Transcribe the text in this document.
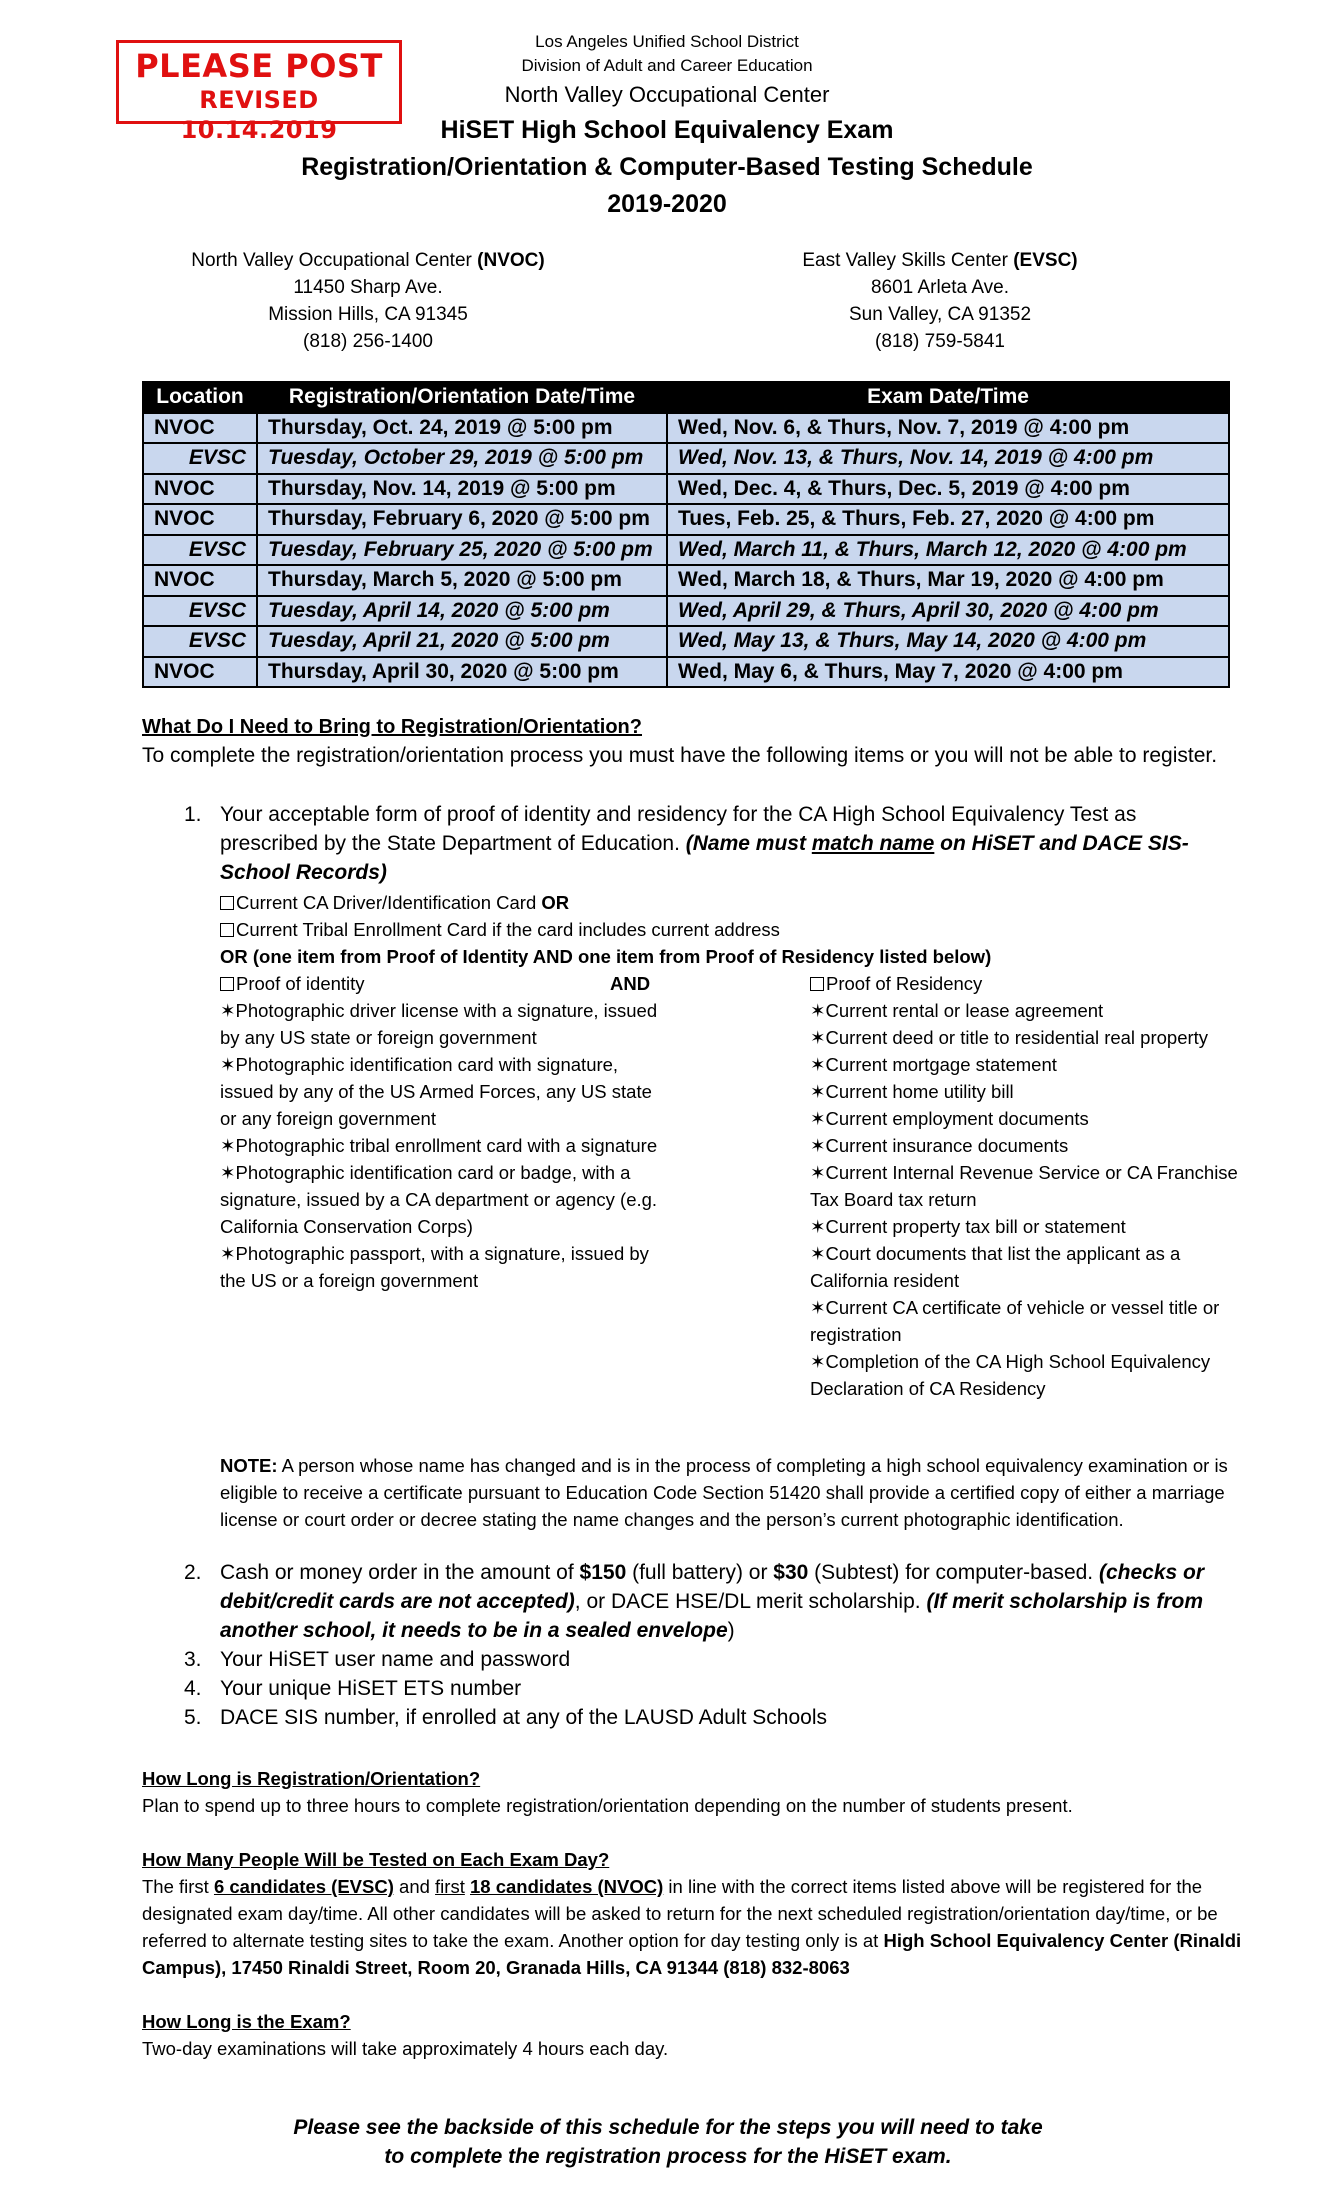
PLEASE POST
REVISED 10.14.2019
Los Angeles Unified School District
Division of Adult and Career Education
North Valley Occupational Center
HiSET High School Equivalency Exam
Registration/Orientation & Computer-Based Testing Schedule
2019-2020
North Valley Occupational Center (NVOC)
11450 Sharp Ave.
Mission Hills, CA 91345
(818) 256-1400
East Valley Skills Center (EVSC)
8601 Arleta Ave.
Sun Valley, CA 91352
(818) 759-5841
Location	Registration/Orientation Date/Time	Exam Date/Time
NVOC	Thursday, Oct. 24, 2019 @ 5:00 pm	Wed, Nov. 6, & Thurs, Nov. 7, 2019 @ 4:00 pm
EVSC	Tuesday, October 29, 2019 @ 5:00 pm	Wed, Nov. 13, & Thurs, Nov. 14, 2019 @ 4:00 pm
NVOC	Thursday, Nov. 14, 2019 @ 5:00 pm	Wed, Dec. 4, & Thurs, Dec. 5, 2019 @ 4:00 pm
NVOC	Thursday, February 6, 2020 @ 5:00 pm	Tues, Feb. 25, & Thurs, Feb. 27, 2020 @ 4:00 pm
EVSC	Tuesday, February 25, 2020 @ 5:00 pm	Wed, March 11, & Thurs, March 12, 2020 @ 4:00 pm
NVOC	Thursday, March 5, 2020 @ 5:00 pm	Wed, March 18, & Thurs, Mar 19, 2020 @ 4:00 pm
EVSC	Tuesday, April 14, 2020 @ 5:00 pm	Wed, April 29, & Thurs, April 30, 2020 @ 4:00 pm
EVSC	Tuesday, April 21, 2020 @ 5:00 pm	Wed, May 13, & Thurs, May 14, 2020 @ 4:00 pm
NVOC	Thursday, April 30, 2020 @ 5:00 pm	Wed, May 6, & Thurs, May 7, 2020 @ 4:00 pm
What Do I Need to Bring to Registration/Orientation?
To complete the registration/orientation process you must have the following items or you will not be able to register.
1. Your acceptable form of proof of identity and residency for the CA High School Equivalency Test as prescribed by the State Department of Education. (Name must match name on HiSET and DACE SIS-School Records)
Current CA Driver/Identification Card OR
Current Tribal Enrollment Card if the card includes current address
OR (one item from Proof of Identity AND one item from Proof of Residency listed below)
Proof of identity	AND	Proof of Residency
✶Photographic driver license with a signature, issued by any US state or foreign government
✶Photographic identification card with signature, issued by any of the US Armed Forces, any US state or any foreign government
✶Photographic tribal enrollment card with a signature
✶Photographic identification card or badge, with a signature, issued by a CA department or agency (e.g. California Conservation Corps)
✶Photographic passport, with a signature, issued by the US or a foreign government
✶Current rental or lease agreement
✶Current deed or title to residential real property
✶Current mortgage statement
✶Current home utility bill
✶Current employment documents
✶Current insurance documents
✶Current Internal Revenue Service or CA Franchise Tax Board tax return
✶Current property tax bill or statement
✶Court documents that list the applicant as a California resident
✶Current CA certificate of vehicle or vessel title or registration
✶Completion of the CA High School Equivalency Declaration of CA Residency
NOTE: A person whose name has changed and is in the process of completing a high school equivalency examination or is eligible to receive a certificate pursuant to Education Code Section 51420 shall provide a certified copy of either a marriage license or court order or decree stating the name changes and the person’s current photographic identification.
2. Cash or money order in the amount of $150 (full battery) or $30 (Subtest) for computer-based. (checks or debit/credit cards are not accepted), or DACE HSE/DL merit scholarship. (If merit scholarship is from another school, it needs to be in a sealed envelope)
3. Your HiSET user name and password
4. Your unique HiSET ETS number
5. DACE SIS number, if enrolled at any of the LAUSD Adult Schools
How Long is Registration/Orientation?
Plan to spend up to three hours to complete registration/orientation depending on the number of students present.
How Many People Will be Tested on Each Exam Day?
The first 6 candidates (EVSC) and first 18 candidates (NVOC) in line with the correct items listed above will be registered for the designated exam day/time. All other candidates will be asked to return for the next scheduled registration/orientation day/time, or be referred to alternate testing sites to take the exam. Another option for day testing only is at High School Equivalency Center (Rinaldi Campus), 17450 Rinaldi Street, Room 20, Granada Hills, CA 91344 (818) 832-8063
How Long is the Exam?
Two-day examinations will take approximately 4 hours each day.
Please see the backside of this schedule for the steps you will need to take
to complete the registration process for the HiSET exam.
